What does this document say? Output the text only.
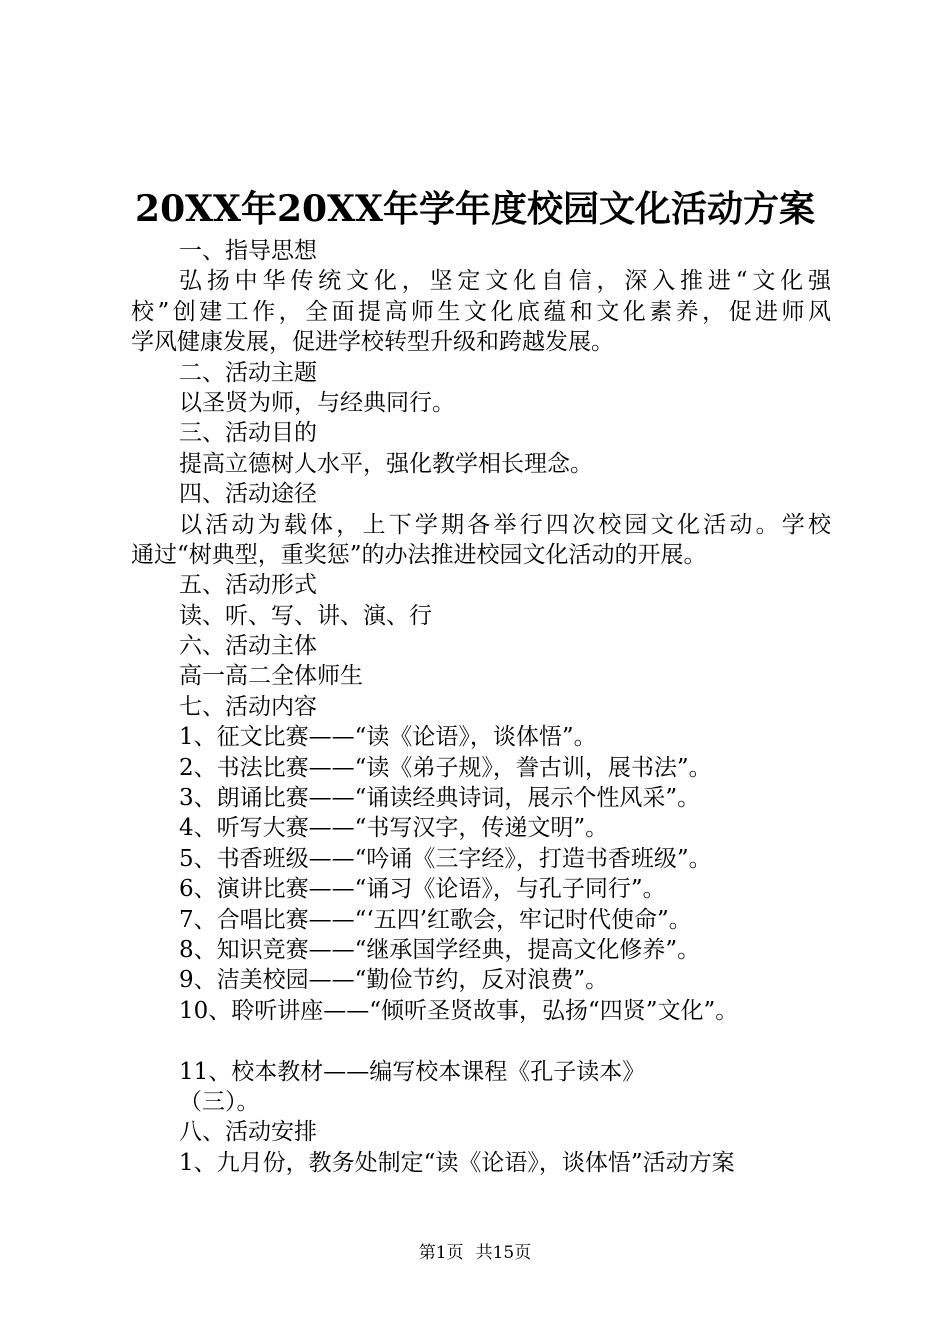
20XX年20XX年学年度校园文化活动方案
一、指导思想
弘扬中华传统文化，坚定文化自信，深入推进“文化强
校”创建工作，全面提高师生文化底蕴和文化素养，促进师风
学风健康发展，促进学校转型升级和跨越发展。
二、活动主题
以圣贤为师，与经典同行。
三、活动目的
提高立德树人水平，强化教学相长理念。
四、活动途径
以活动为载体，上下学期各举行四次校园文化活动。学校
通过“树典型，重奖惩”的办法推进校园文化活动的开展。
五、活动形式
读、听、写、讲、演、行
六、活动主体
高一高二全体师生
七、活动内容
1、征文比赛——“读《论语》，谈体悟”。
2、书法比赛——“读《弟子规》，誊古训，展书法”。
3、朗诵比赛——“诵读经典诗词，展示个性风采”。
4、听写大赛——“书写汉字，传递文明”。
5、书香班级——“吟诵《三字经》，打造书香班级”。
6、演讲比赛——“诵习《论语》，与孔子同行”。
7、合唱比赛——“‘五四’红歌会，牢记时代使命”。
8、知识竞赛——“继承国学经典，提高文化修养”。
9、洁美校园——“勤俭节约，反对浪费”。
10、聆听讲座——“倾听圣贤故事，弘扬“四贤”文化”。
11、校本教材——编写校本课程《孔子读本》
（三）。
八、活动安排
1、九月份，教务处制定“读《论语》，谈体悟”活动方案
第1页 共15页
